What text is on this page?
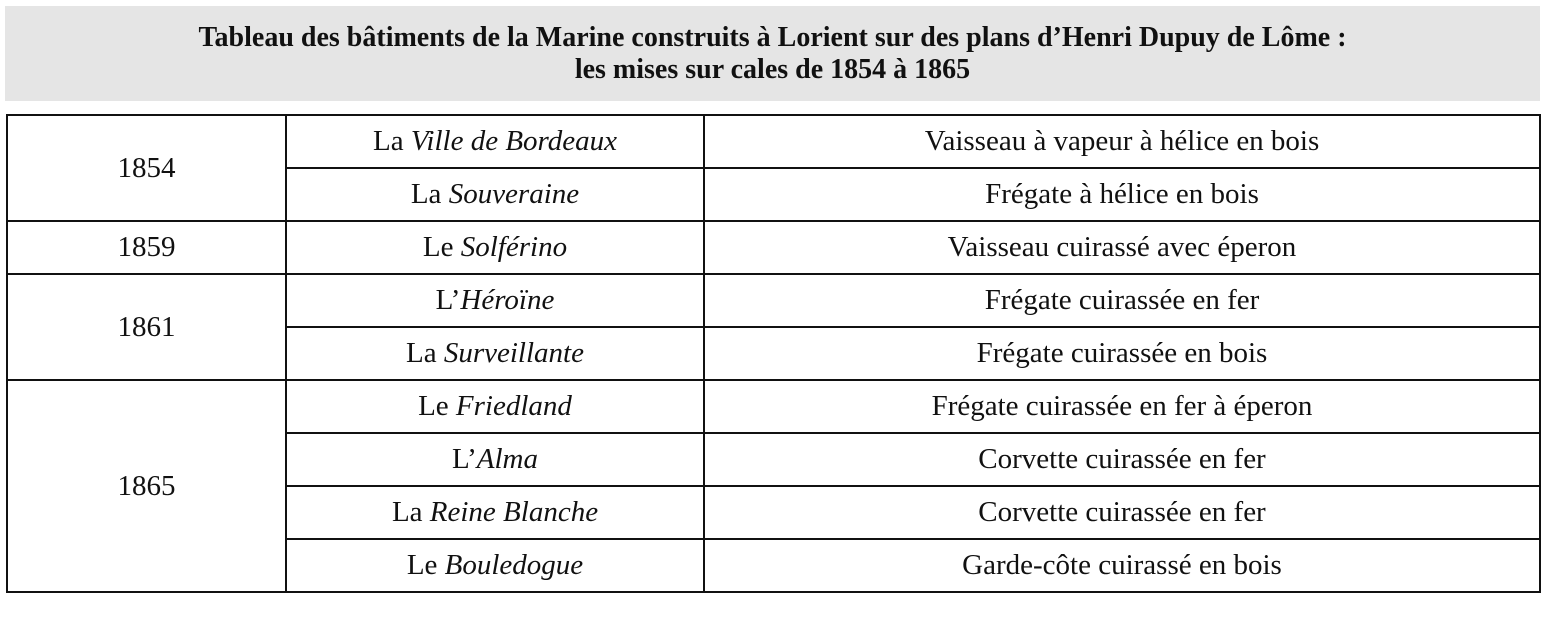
Tableau des bâtiments de la Marine construits à Lorient sur des plans d’Henri Dupuy de Lôme :
les mises sur cales de 1854 à 1865
1854	La Ville de Bordeaux	Vaisseau à vapeur à hélice en bois
	La Souveraine	Frégate à hélice en bois
1859	Le Solférino	Vaisseau cuirassé avec éperon
1861	L’Héroïne	Frégate cuirassée en fer
	La Surveillante	Frégate cuirassée en bois
1865	Le Friedland	Frégate cuirassée en fer à éperon
	L’Alma	Corvette cuirassée en fer
	La Reine Blanche	Corvette cuirassée en fer
	Le Bouledogue	Garde-côte cuirassé en bois
